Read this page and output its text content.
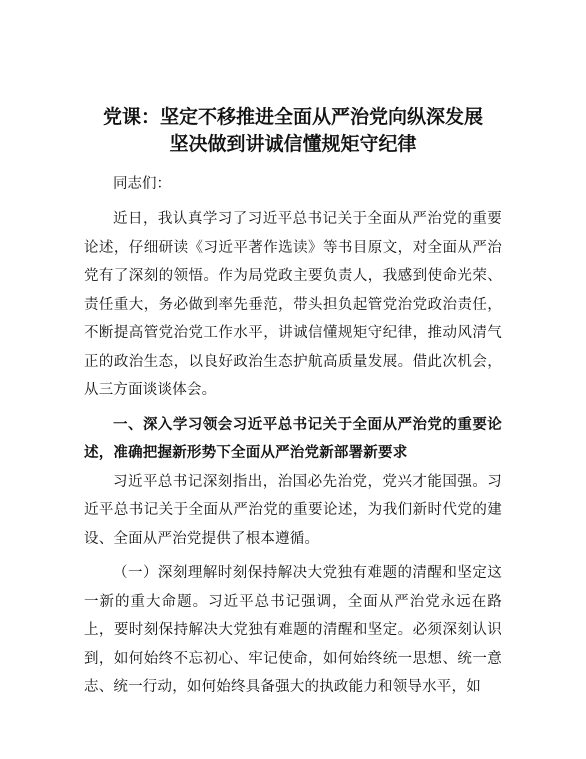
党课：坚定不移推进全面从严治党向纵深发展
坚决做到讲诚信懂规矩守纪律

同志们：

近日，我认真学习了习近平总书记关于全面从严治党的重要论述，仔细研读《习近平著作选读》等书目原文，对全面从严治党有了深刻的领悟。作为局党政主要负责人，我感到使命光荣、责任重大，务必做到率先垂范，带头担负起管党治党政治责任，不断提高管党治党工作水平，讲诚信懂规矩守纪律，推动风清气正的政治生态，以良好政治生态护航高质量发展。借此次机会，从三方面谈谈体会。

一、深入学习领会习近平总书记关于全面从严治党的重要论述，准确把握新形势下全面从严治党新部署新要求

习近平总书记深刻指出，治国必先治党，党兴才能国强。习近平总书记关于全面从严治党的重要论述，为我们新时代党的建设、全面从严治党提供了根本遵循。

（一）深刻理解时刻保持解决大党独有难题的清醒和坚定这一新的重大命题。习近平总书记强调，全面从严治党永远在路上，要时刻保持解决大党独有难题的清醒和坚定。必须深刻认识到，如何始终不忘初心、牢记使命，如何始终统一思想、统一意志、统一行动，如何始终具备强大的执政能力和领导水平，如
